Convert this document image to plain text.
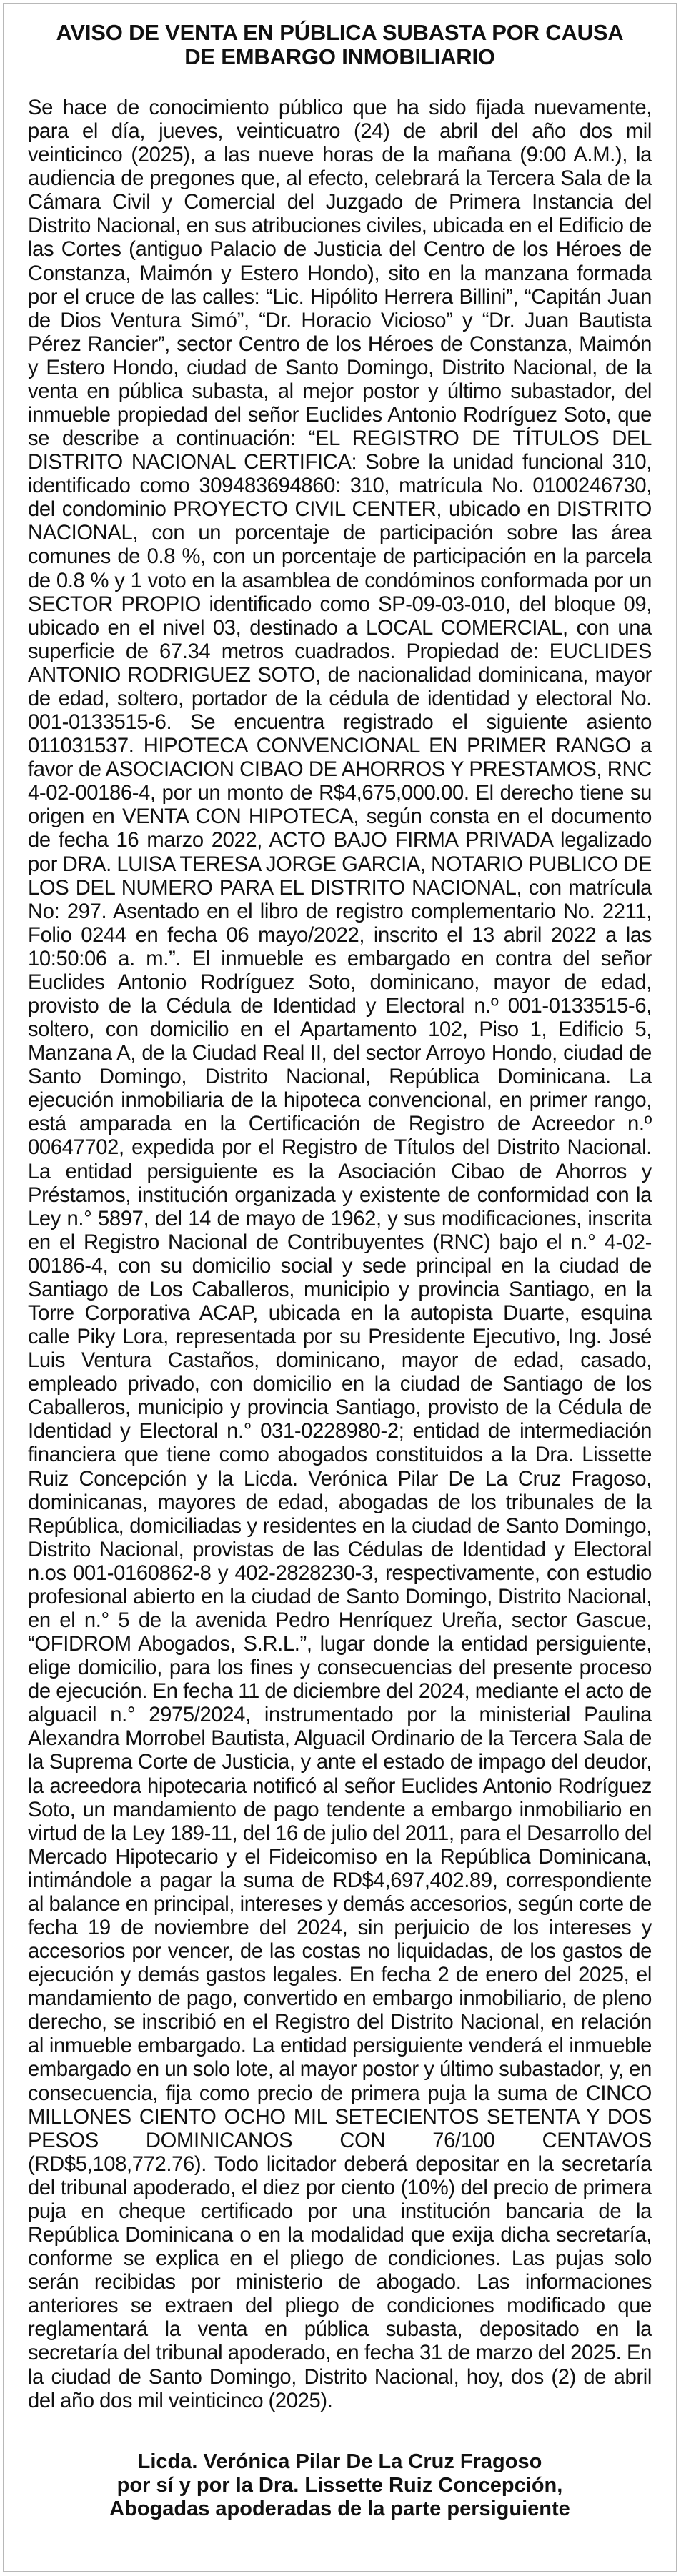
AVISO DE VENTA EN PÚBLICA SUBASTA POR CAUSA
DE EMBARGO INMOBILIARIO

Se hace de conocimiento público que ha sido fijada nuevamente, para el día, jueves, veinticuatro (24) de abril del año dos mil veinticinco (2025), a las nueve horas de la mañana (9:00 A.M.), la audiencia de pregones que, al efecto, celebrará la Tercera Sala de la Cámara Civil y Comercial del Juzgado de Primera Instancia del Distrito Nacional, en sus atribuciones civiles, ubicada en el Edificio de las Cortes (antiguo Palacio de Justicia del Centro de los Héroes de Constanza, Maimón y Estero Hondo), sito en la manzana formada por el cruce de las calles: “Lic. Hipólito Herrera Billini”, “Capitán Juan de Dios Ventura Simó”, “Dr. Horacio Vicioso” y “Dr. Juan Bautista Pérez Rancier”, sector Centro de los Héroes de Constanza, Maimón y Estero Hondo, ciudad de Santo Domingo, Distrito Nacional, de la venta en pública subasta, al mejor postor y último subastador, del inmueble propiedad del señor Euclides Antonio Rodríguez Soto, que se describe a continuación: “EL REGISTRO DE TÍTULOS DEL DISTRITO NACIONAL CERTIFICA: Sobre la unidad funcional 310, identificado como 309483694860: 310, matrícula No. 0100246730, del condominio PROYECTO CIVIL CENTER, ubicado en DISTRITO NACIONAL, con un porcentaje de participación sobre las área comunes de 0.8 %, con un porcentaje de participación en la parcela de 0.8 % y 1 voto en la asamblea de condóminos conformada por un SECTOR PROPIO identificado como SP-09-03-010, del bloque 09, ubicado en el nivel 03, destinado a LOCAL COMERCIAL, con una superficie de 67.34 metros cuadrados. Propiedad de: EUCLIDES ANTONIO RODRIGUEZ SOTO, de nacionalidad dominicana, mayor de edad, soltero, portador de la cédula de identidad y electoral No. 001-0133515-6. Se encuentra registrado el siguiente asiento 011031537. HIPOTECA CONVENCIONAL EN PRIMER RANGO a favor de ASOCIACION CIBAO DE AHORROS Y PRESTAMOS, RNC 4-02-00186-4, por un monto de R$4,675,000.00. El derecho tiene su origen en VENTA CON HIPOTECA, según consta en el documento de fecha 16 marzo 2022, ACTO BAJO FIRMA PRIVADA legalizado por DRA. LUISA TERESA JORGE GARCIA, NOTARIO PUBLICO DE LOS DEL NUMERO PARA EL DISTRITO NACIONAL, con matrícula No: 297. Asentado en el libro de registro complementario No. 2211, Folio 0244 en fecha 06 mayo/2022, inscrito el 13 abril 2022 a las 10:50:06 a. m.”. El inmueble es embargado en contra del señor Euclides Antonio Rodríguez Soto, dominicano, mayor de edad, provisto de la Cédula de Identidad y Electoral n.º 001-0133515-6, soltero, con domicilio en el Apartamento 102, Piso 1, Edificio 5, Manzana A, de la Ciudad Real II, del sector Arroyo Hondo, ciudad de Santo Domingo, Distrito Nacional, República Dominicana. La ejecución inmobiliaria de la hipoteca convencional, en primer rango, está amparada en la Certificación de Registro de Acreedor n.º 00647702, expedida por el Registro de Títulos del Distrito Nacional. La entidad persiguiente es la Asociación Cibao de Ahorros y Préstamos, institución organizada y existente de conformidad con la Ley n.° 5897, del 14 de mayo de 1962, y sus modificaciones, inscrita en el Registro Nacional de Contribuyentes (RNC) bajo el n.° 4-02-00186-4, con su domicilio social y sede principal en la ciudad de Santiago de Los Caballeros, municipio y provincia Santiago, en la Torre Corporativa ACAP, ubicada en la autopista Duarte, esquina calle Piky Lora, representada por su Presidente Ejecutivo, Ing. José Luis Ventura Castaños, dominicano, mayor de edad, casado, empleado privado, con domicilio en la ciudad de Santiago de los Caballeros, municipio y provincia Santiago, provisto de la Cédula de Identidad y Electoral n.° 031-0228980-2; entidad de intermediación financiera que tiene como abogados constituidos a la Dra. Lissette Ruiz Concepción y la Licda. Verónica Pilar De La Cruz Fragoso, dominicanas, mayores de edad, abogadas de los tribunales de la República, domiciliadas y residentes en la ciudad de Santo Domingo, Distrito Nacional, provistas de las Cédulas de Identidad y Electoral n.os 001-0160862-8 y 402-2828230-3, respectivamente, con estudio profesional abierto en la ciudad de Santo Domingo, Distrito Nacional, en el n.° 5 de la avenida Pedro Henríquez Ureña, sector Gascue, “OFIDROM Abogados, S.R.L.”, lugar donde la entidad persiguiente, elige domicilio, para los fines y consecuencias del presente proceso de ejecución. En fecha 11 de diciembre del 2024, mediante el acto de alguacil n.° 2975/2024, instrumentado por la ministerial Paulina Alexandra Morrobel Bautista, Alguacil Ordinario de la Tercera Sala de la Suprema Corte de Justicia, y ante el estado de impago del deudor, la acreedora hipotecaria notificó al señor Euclides Antonio Rodríguez Soto, un mandamiento de pago tendente a embargo inmobiliario en virtud de la Ley 189-11, del 16 de julio del 2011, para el Desarrollo del Mercado Hipotecario y el Fideicomiso en la República Dominicana, intimándole a pagar la suma de RD$4,697,402.89, correspondiente al balance en principal, intereses y demás accesorios, según corte de fecha 19 de noviembre del 2024, sin perjuicio de los intereses y accesorios por vencer, de las costas no liquidadas, de los gastos de ejecución y demás gastos legales. En fecha 2 de enero del 2025, el mandamiento de pago, convertido en embargo inmobiliario, de pleno derecho, se inscribió en el Registro del Distrito Nacional, en relación al inmueble embargado. La entidad persiguiente venderá el inmueble embargado en un solo lote, al mayor postor y último subastador, y, en consecuencia, fija como precio de primera puja la suma de CINCO MILLONES CIENTO OCHO MIL SETECIENTOS SETENTA Y DOS PESOS DOMINICANOS CON 76/100 CENTAVOS (RD$5,108,772.76). Todo licitador deberá depositar en la secretaría del tribunal apoderado, el diez por ciento (10%) del precio de primera puja en cheque certificado por una institución bancaria de la República Dominicana o en la modalidad que exija dicha secretaría, conforme se explica en el pliego de condiciones. Las pujas solo serán recibidas por ministerio de abogado. Las informaciones anteriores se extraen del pliego de condiciones modificado que reglamentará la venta en pública subasta, depositado en la secretaría del tribunal apoderado, en fecha 31 de marzo del 2025. En la ciudad de Santo Domingo, Distrito Nacional, hoy, dos (2) de abril del año dos mil veinticinco (2025).

Licda. Verónica Pilar De La Cruz Fragoso
por sí y por la Dra. Lissette Ruiz Concepción,
Abogadas apoderadas de la parte persiguiente
